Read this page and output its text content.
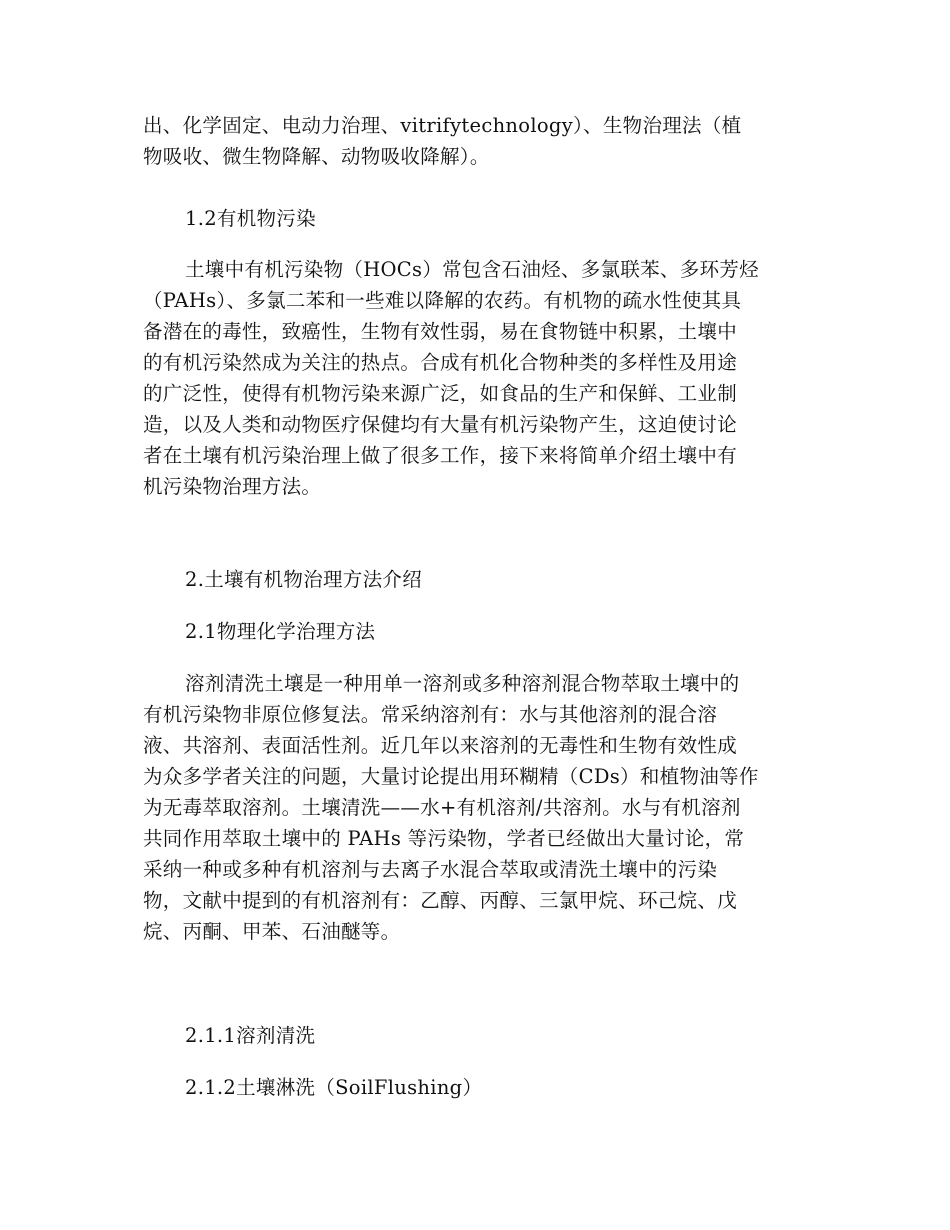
出、化学固定、电动力治理、vitrifytechnology）、生物治理法（植
物吸收、微生物降解、动物吸收降解）。
1.2有机物污染
土壤中有机污染物（HOCs）常包含石油烃、多氯联苯、多环芳烃
（PAHs）、多氯二苯和一些难以降解的农药。有机物的疏水性使其具
备潜在的毒性，致癌性，生物有效性弱，易在食物链中积累，土壤中
的有机污染然成为关注的热点。合成有机化合物种类的多样性及用途
的广泛性，使得有机物污染来源广泛，如食品的生产和保鲜、工业制
造，以及人类和动物医疗保健均有大量有机污染物产生，这迫使讨论
者在土壤有机污染治理上做了很多工作，接下来将简单介绍土壤中有
机污染物治理方法。
2.土壤有机物治理方法介绍
2.1物理化学治理方法
溶剂清洗土壤是一种用单一溶剂或多种溶剂混合物萃取土壤中的
有机污染物非原位修复法。常采纳溶剂有：水与其他溶剂的混合溶
液、共溶剂、表面活性剂。近几年以来溶剂的无毒性和生物有效性成
为众多学者关注的问题，大量讨论提出用环糊精（CDs）和植物油等作
为无毒萃取溶剂。土壤清洗——水+有机溶剂/共溶剂。水与有机溶剂
共同作用萃取土壤中的 PAHs 等污染物，学者已经做出大量讨论，常
采纳一种或多种有机溶剂与去离子水混合萃取或清洗土壤中的污染
物，文献中提到的有机溶剂有：乙醇、丙醇、三氯甲烷、环己烷、戊
烷、丙酮、甲苯、石油醚等。
2.1.1溶剂清洗
2.1.2土壤淋洗（SoilFlushing）
